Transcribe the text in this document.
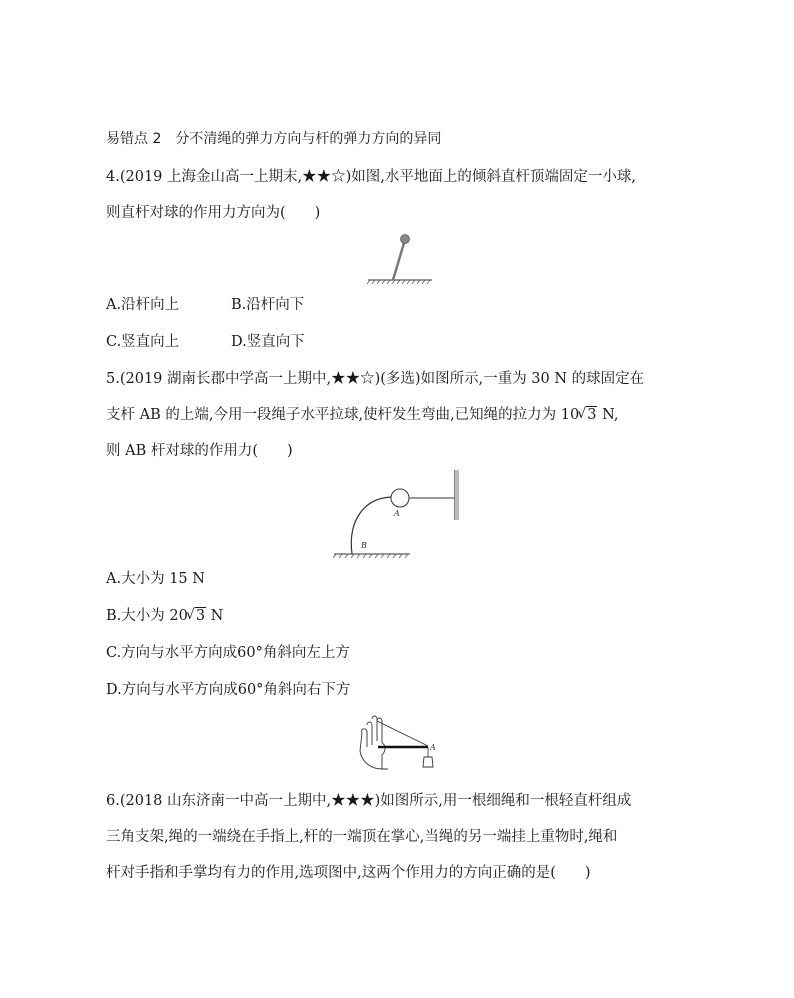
易错点 2 分不清绳的弹力方向与杆的弹力方向的异同
4.(2019 上海金山高一上期末,★★☆)如图,水平地面上的倾斜直杆顶端固定一小球,
则直杆对球的作用力方向为(　　)
A.沿杆向上	B.沿杆向下
C.竖直向上	D.竖直向下
5.(2019 湖南长郡中学高一上期中,★★☆)(多选)如图所示,一重为 30 N 的球固定在
支杆 AB 的上端,今用一段绳子水平拉球,使杆发生弯曲,已知绳的拉力为 10 √ 3 N,
则 AB 杆对球的作用力(　　)
A
B
A.大小为 15 N
B.大小为 20 √ 3 N
C.方向与水平方向成60°角斜向左上方
D.方向与水平方向成60°角斜向右下方
A
6.(2018 山东济南一中高一上期中,★★★)如图所示,用一根细绳和一根轻直杆组成
三角支架,绳的一端绕在手指上,杆的一端顶在掌心,当绳的另一端挂上重物时,绳和
杆对手指和手掌均有力的作用,选项图中,这两个作用力的方向正确的是(　　)
